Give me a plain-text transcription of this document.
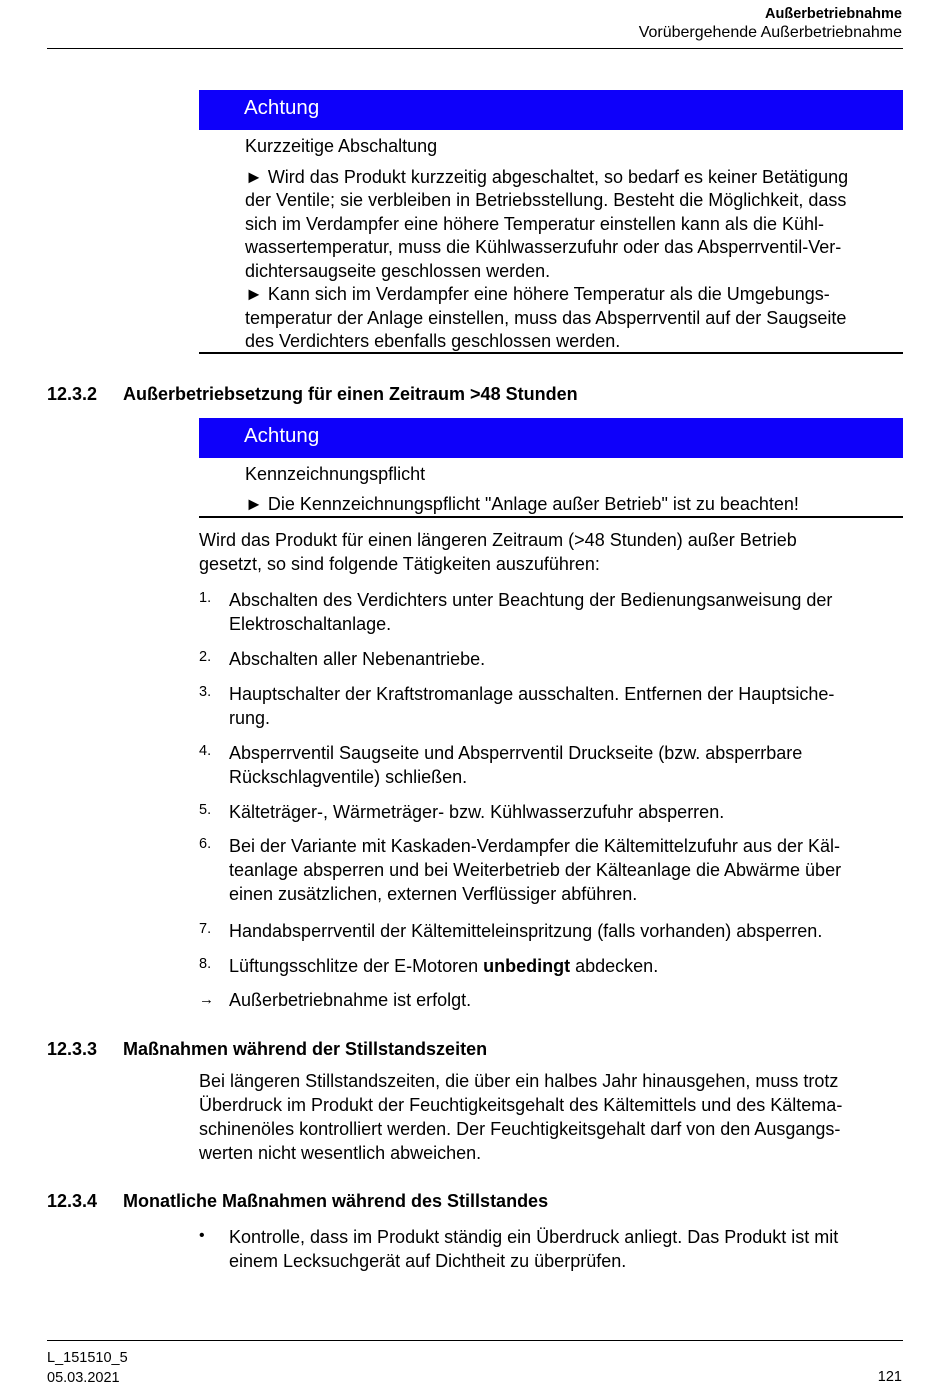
Außerbetriebnahme
Vorübergehende Außerbetriebnahme
Achtung
Kurzzeitige Abschaltung
► Wird das Produkt kurzzeitig abgeschaltet, so bedarf es keiner Betätigung
der Ventile; sie verbleiben in Betriebsstellung. Besteht die Möglichkeit, dass
sich im Verdampfer eine höhere Temperatur einstellen kann als die Kühl-
wassertemperatur, muss die Kühlwasserzufuhr oder das Absperrventil-Ver-
dichtersaugseite geschlossen werden.
► Kann sich im Verdampfer eine höhere Temperatur als die Umgebungs-
temperatur der Anlage einstellen, muss das Absperrventil auf der Saugseite
des Verdichters ebenfalls geschlossen werden.
12.3.2 Außerbetriebsetzung für einen Zeitraum >48 Stunden
Achtung
Kennzeichnungspflicht
► Die Kennzeichnungspflicht "Anlage außer Betrieb" ist zu beachten!
Wird das Produkt für einen längeren Zeitraum (>48 Stunden) außer Betrieb
gesetzt, so sind folgende Tätigkeiten auszuführen:
1. Abschalten des Verdichters unter Beachtung der Bedienungsanweisung der
Elektroschaltanlage.
2. Abschalten aller Nebenantriebe.
3. Hauptschalter der Kraftstromanlage ausschalten. Entfernen der Hauptsiche-
rung.
4. Absperrventil Saugseite und Absperrventil Druckseite (bzw. absperrbare
Rückschlagventile) schließen.
5. Kälteträger-, Wärmeträger- bzw. Kühlwasserzufuhr absperren.
6. Bei der Variante mit Kaskaden-Verdampfer die Kältemittelzufuhr aus der Käl-
teanlage absperren und bei Weiterbetrieb der Kälteanlage die Abwärme über
einen zusätzlichen, externen Verflüssiger abführen.
7. Handabsperrventil der Kältemitteleinspritzung (falls vorhanden) absperren.
8. Lüftungsschlitze der E-Motoren unbedingt abdecken.
→ Außerbetriebnahme ist erfolgt.
12.3.3 Maßnahmen während der Stillstandszeiten
Bei längeren Stillstandszeiten, die über ein halbes Jahr hinausgehen, muss trotz
Überdruck im Produkt der Feuchtigkeitsgehalt des Kältemittels und des Kältema-
schinenöles kontrolliert werden. Der Feuchtigkeitsgehalt darf von den Ausgangs-
werten nicht wesentlich abweichen.
12.3.4 Monatliche Maßnahmen während des Stillstandes
• Kontrolle, dass im Produkt ständig ein Überdruck anliegt. Das Produkt ist mit
einem Lecksuchgerät auf Dichtheit zu überprüfen.
L_151510_5
05.03.2021	121
